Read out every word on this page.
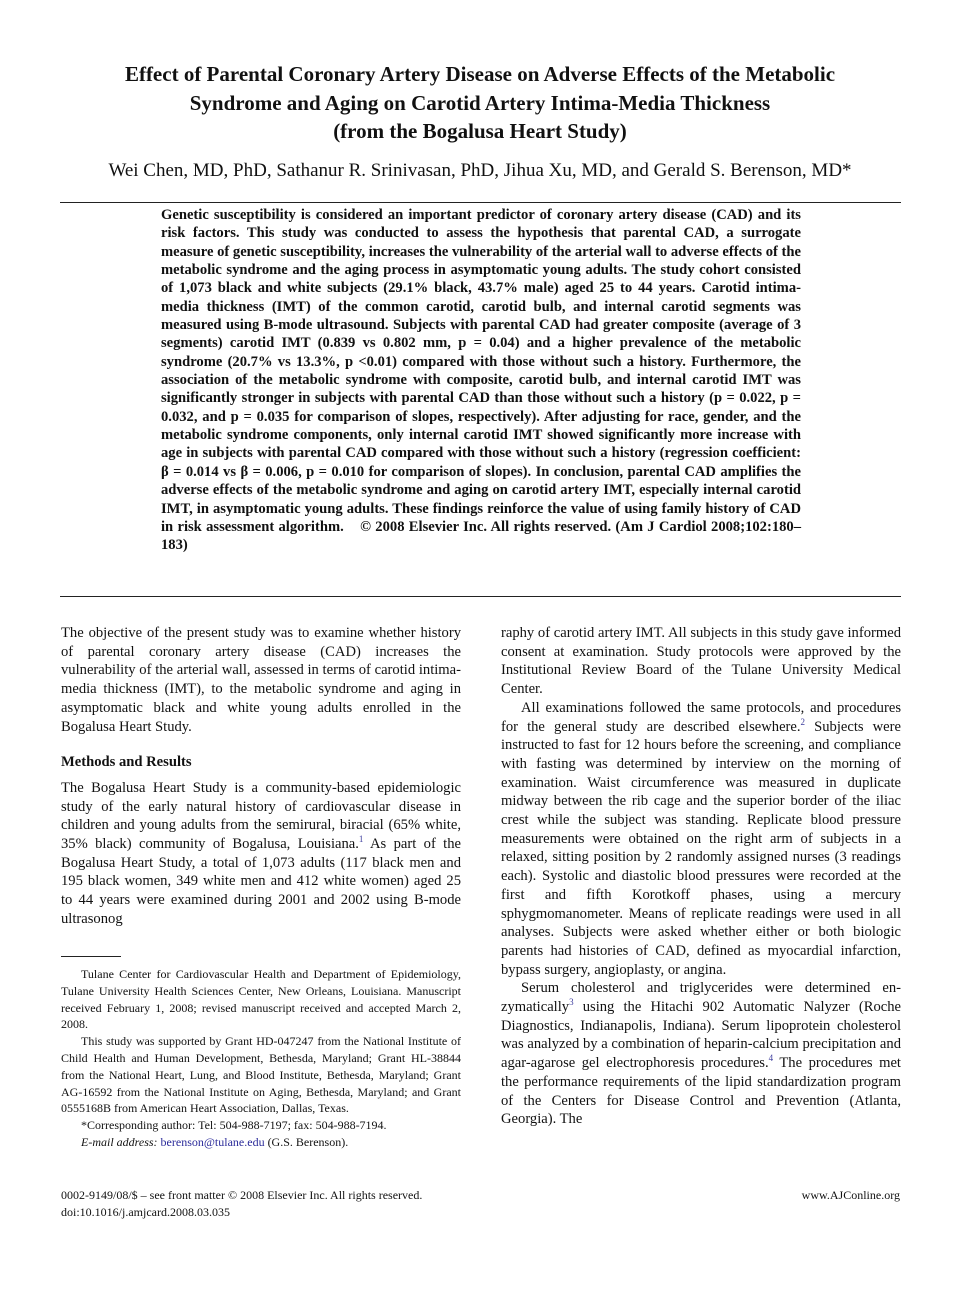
Effect of Parental Coronary Artery Disease on Adverse Effects of the Metabolic
Syndrome and Aging on Carotid Artery Intima-Media Thickness
(from the Bogalusa Heart Study)
Wei Chen, MD, PhD, Sathanur R. Srinivasan, PhD, Jihua Xu, MD, and Gerald S. Berenson, MD*
Genetic susceptibility is considered an important predictor of coronary artery disease (CAD) and its risk factors. This study was conducted to assess the hypothesis that parental CAD, a surrogate measure of genetic susceptibility, increases the vulnerability of the arterial wall to adverse effects of the metabolic syndrome and the aging process in asymptomatic young adults. The study cohort consisted of 1,073 black and white subjects (29.1% black, 43.7% male) aged 25 to 44 years. Carotid intima-media thickness (IMT) of the common carotid, carotid bulb, and internal carotid segments was measured using B-mode ultrasound. Subjects with parental CAD had greater composite (average of 3 segments) carotid IMT (0.839 vs 0.802 mm, p = 0.04) and a higher prevalence of the metabolic syndrome (20.7% vs 13.3%, p <0.01) compared with those without such a history. Furthermore, the association of the metabolic syndrome with composite, carotid bulb, and internal carotid IMT was significantly stronger in subjects with parental CAD than those without such a history (p = 0.022, p = 0.032, and p = 0.035 for comparison of slopes, respectively). After adjusting for race, gender, and the metabolic syndrome components, only internal carotid IMT showed significantly more increase with age in subjects with parental CAD compared with those without such a history (regression coefficient: β = 0.014 vs β = 0.006, p = 0.010 for comparison of slopes). In conclusion, parental CAD amplifies the adverse effects of the metabolic syndrome and aging on carotid artery IMT, especially internal carotid IMT, in asymptomatic young adults. These findings reinforce the value of using family history of CAD in risk assessment algorithm. © 2008 Elsevier Inc. All rights reserved. (Am J Cardiol 2008;102:180–183)

The objective of the present study was to examine whether history of parental coronary artery disease (CAD) increases the vulnerability of the arterial wall, assessed in terms of carotid intima-media thickness (IMT), to the metabolic syndrome and aging in asymptomatic black and white young adults enrolled in the Bogalusa Heart Study.

Methods and Results

The Bogalusa Heart Study is a community-based epidemiologic study of the early natural history of cardiovascular disease in children and young adults from the semirural, biracial (65% white, 35% black) community of Bogalusa, Louisiana.$^1$ As part of the Bogalusa Heart Study, a total of 1,073 adults (117 black men and 195 black women, 349 white men and 412 white women) aged 25 to 44 years were examined during 2001 and 2002 using B-mode ultrasonog

raphy of carotid artery IMT. All subjects in this study gave informed consent at examination. Study protocols were approved by the Institutional Review Board of the Tulane University Medical Center.

All examinations followed the same protocols, and procedures for the general study are described elsewhere.$^2$ Subjects were instructed to fast for 12 hours before the screening, and compliance with fasting was determined by interview on the morning of examination. Waist circumference was measured in duplicate midway between the rib cage and the superior border of the iliac crest while the subject was standing. Replicate blood pressure measurements were obtained on the right arm of subjects in a relaxed, sitting position by 2 randomly assigned nurses (3 readings each). Systolic and diastolic blood pressures were recorded at the first and fifth Korotkoff phases, using a mercury sphygmomanometer. Means of replicate readings were used in all analyses. Subjects were asked whether either or both biologic parents had histories of CAD, defined as myocardial infarction, bypass surgery, angioplasty, or angina.

Serum cholesterol and triglycerides were determined enzymatically$^3$ using the Hitachi 902 Automatic Nalyzer (Roche Diagnostics, Indianapolis, Indiana). Serum lipoprotein cholesterol was analyzed by a combination of heparin-calcium precipitation and agar-agarose gel electrophoresis procedures.$^4$ The procedures met the performance requirements of the lipid standardization program of the Centers for Disease Control and Prevention (Atlanta, Georgia). The

Tulane Center for Cardiovascular Health and Department of Epidemiology, Tulane University Health Sciences Center, New Orleans, Louisiana. Manuscript received February 1, 2008; revised manuscript received and accepted March 2, 2008.

This study was supported by Grant HD-047247 from the National Institute of Child Health and Human Development, Bethesda, Maryland; Grant HL-38844 from the National Heart, Lung, and Blood Institute, Bethesda, Maryland; Grant AG-16592 from the National Institute on Aging, Bethesda, Maryland; and Grant 0555168B from American Heart Association, Dallas, Texas.

*Corresponding author: Tel: 504-988-7197; fax: 504-988-7194.

E-mail address: berenson@tulane.edu (G.S. Berenson).

0002-9149/08/$ – see front matter © 2008 Elsevier Inc. All rights reserved.
doi:10.1016/j.amjcard.2008.03.035
www.AJConline.org
